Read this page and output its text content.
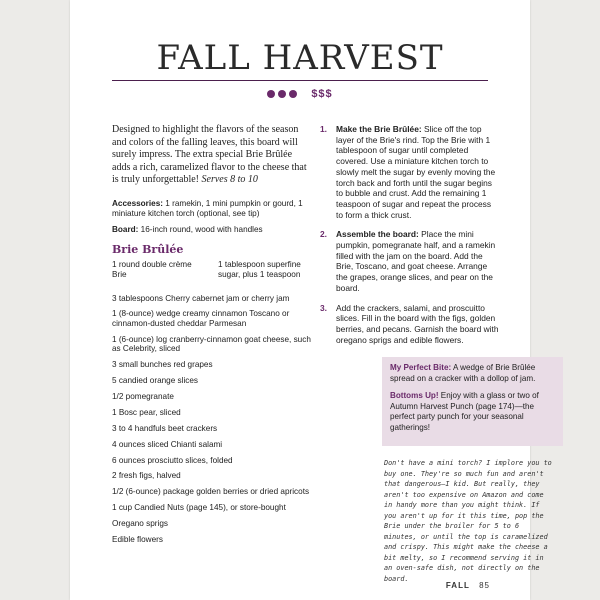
FALL HARVEST
$$$

Designed to highlight the flavors of the season and colors of the falling leaves, this board will surely impress. The extra special Brie Brûlée adds a rich, caramelized flavor to the cheese that is truly unforgettable! Serves 8 to 10

Accessories: 1 ramekin, 1 mini pumpkin or gourd, 1 miniature kitchen torch (optional, see tip)

Board: 16-inch round, wood with handles

Brie Brûlée
1 round double crème Brie
1 tablespoon superfine sugar, plus 1 teaspoon

3 tablespoons Cherry cabernet jam or cherry jam

1 (8-ounce) wedge creamy cinnamon Toscano or cinnamon-dusted cheddar Parmesan

1 (6-ounce) log cranberry-cinnamon goat cheese, such as Celebrity, sliced

3 small bunches red grapes

5 candied orange slices

1/2 pomegranate

1 Bosc pear, sliced

3 to 4 handfuls beet crackers

4 ounces sliced Chianti salami

6 ounces prosciutto slices, folded

2 fresh figs, halved

1/2 (6-ounce) package golden berries or dried apricots

1 cup Candied Nuts (page 145), or store-bought

Oregano sprigs

Edible flowers

1.	Make the Brie Brûlée: Slice off the top layer of the Brie's rind. Top the Brie with 1 tablespoon of sugar until completed covered. Use a miniature kitchen torch to slowly melt the sugar by evenly moving the torch back and forth until the sugar begins to bubble and crust. Add the remaining 1 teaspoon of sugar and repeat the process to form a thick crust.
2.	Assemble the board: Place the mini pumpkin, pomegranate half, and a ramekin filled with the jam on the board. Add the Brie, Toscano, and goat cheese. Arrange the grapes, orange slices, and pear on the board.
3.	Add the crackers, salami, and proscuitto slices. Fill in the board with the figs, golden berries, and pecans. Garnish the board with oregano sprigs and edible flowers.

My Perfect Bite: A wedge of Brie Brûlée spread on a cracker with a dollop of jam.

Bottoms Up! Enjoy with a glass or two of Autumn Harvest Punch (page 174)—the perfect party punch for your seasonal gatherings!

Don't have a mini torch? I implore you to buy one. They're so much fun and aren't that dangerous—I kid. But really, they aren't too expensive on Amazon and come in handy more than you might think. If you aren't up for it this time, pop the Brie under the broiler for 5 to 6 minutes, or until the top is caramelized and crispy. This might make the cheese a bit melty, so I recommend serving it in an oven-safe dish, not directly on the board.
FALL 85
